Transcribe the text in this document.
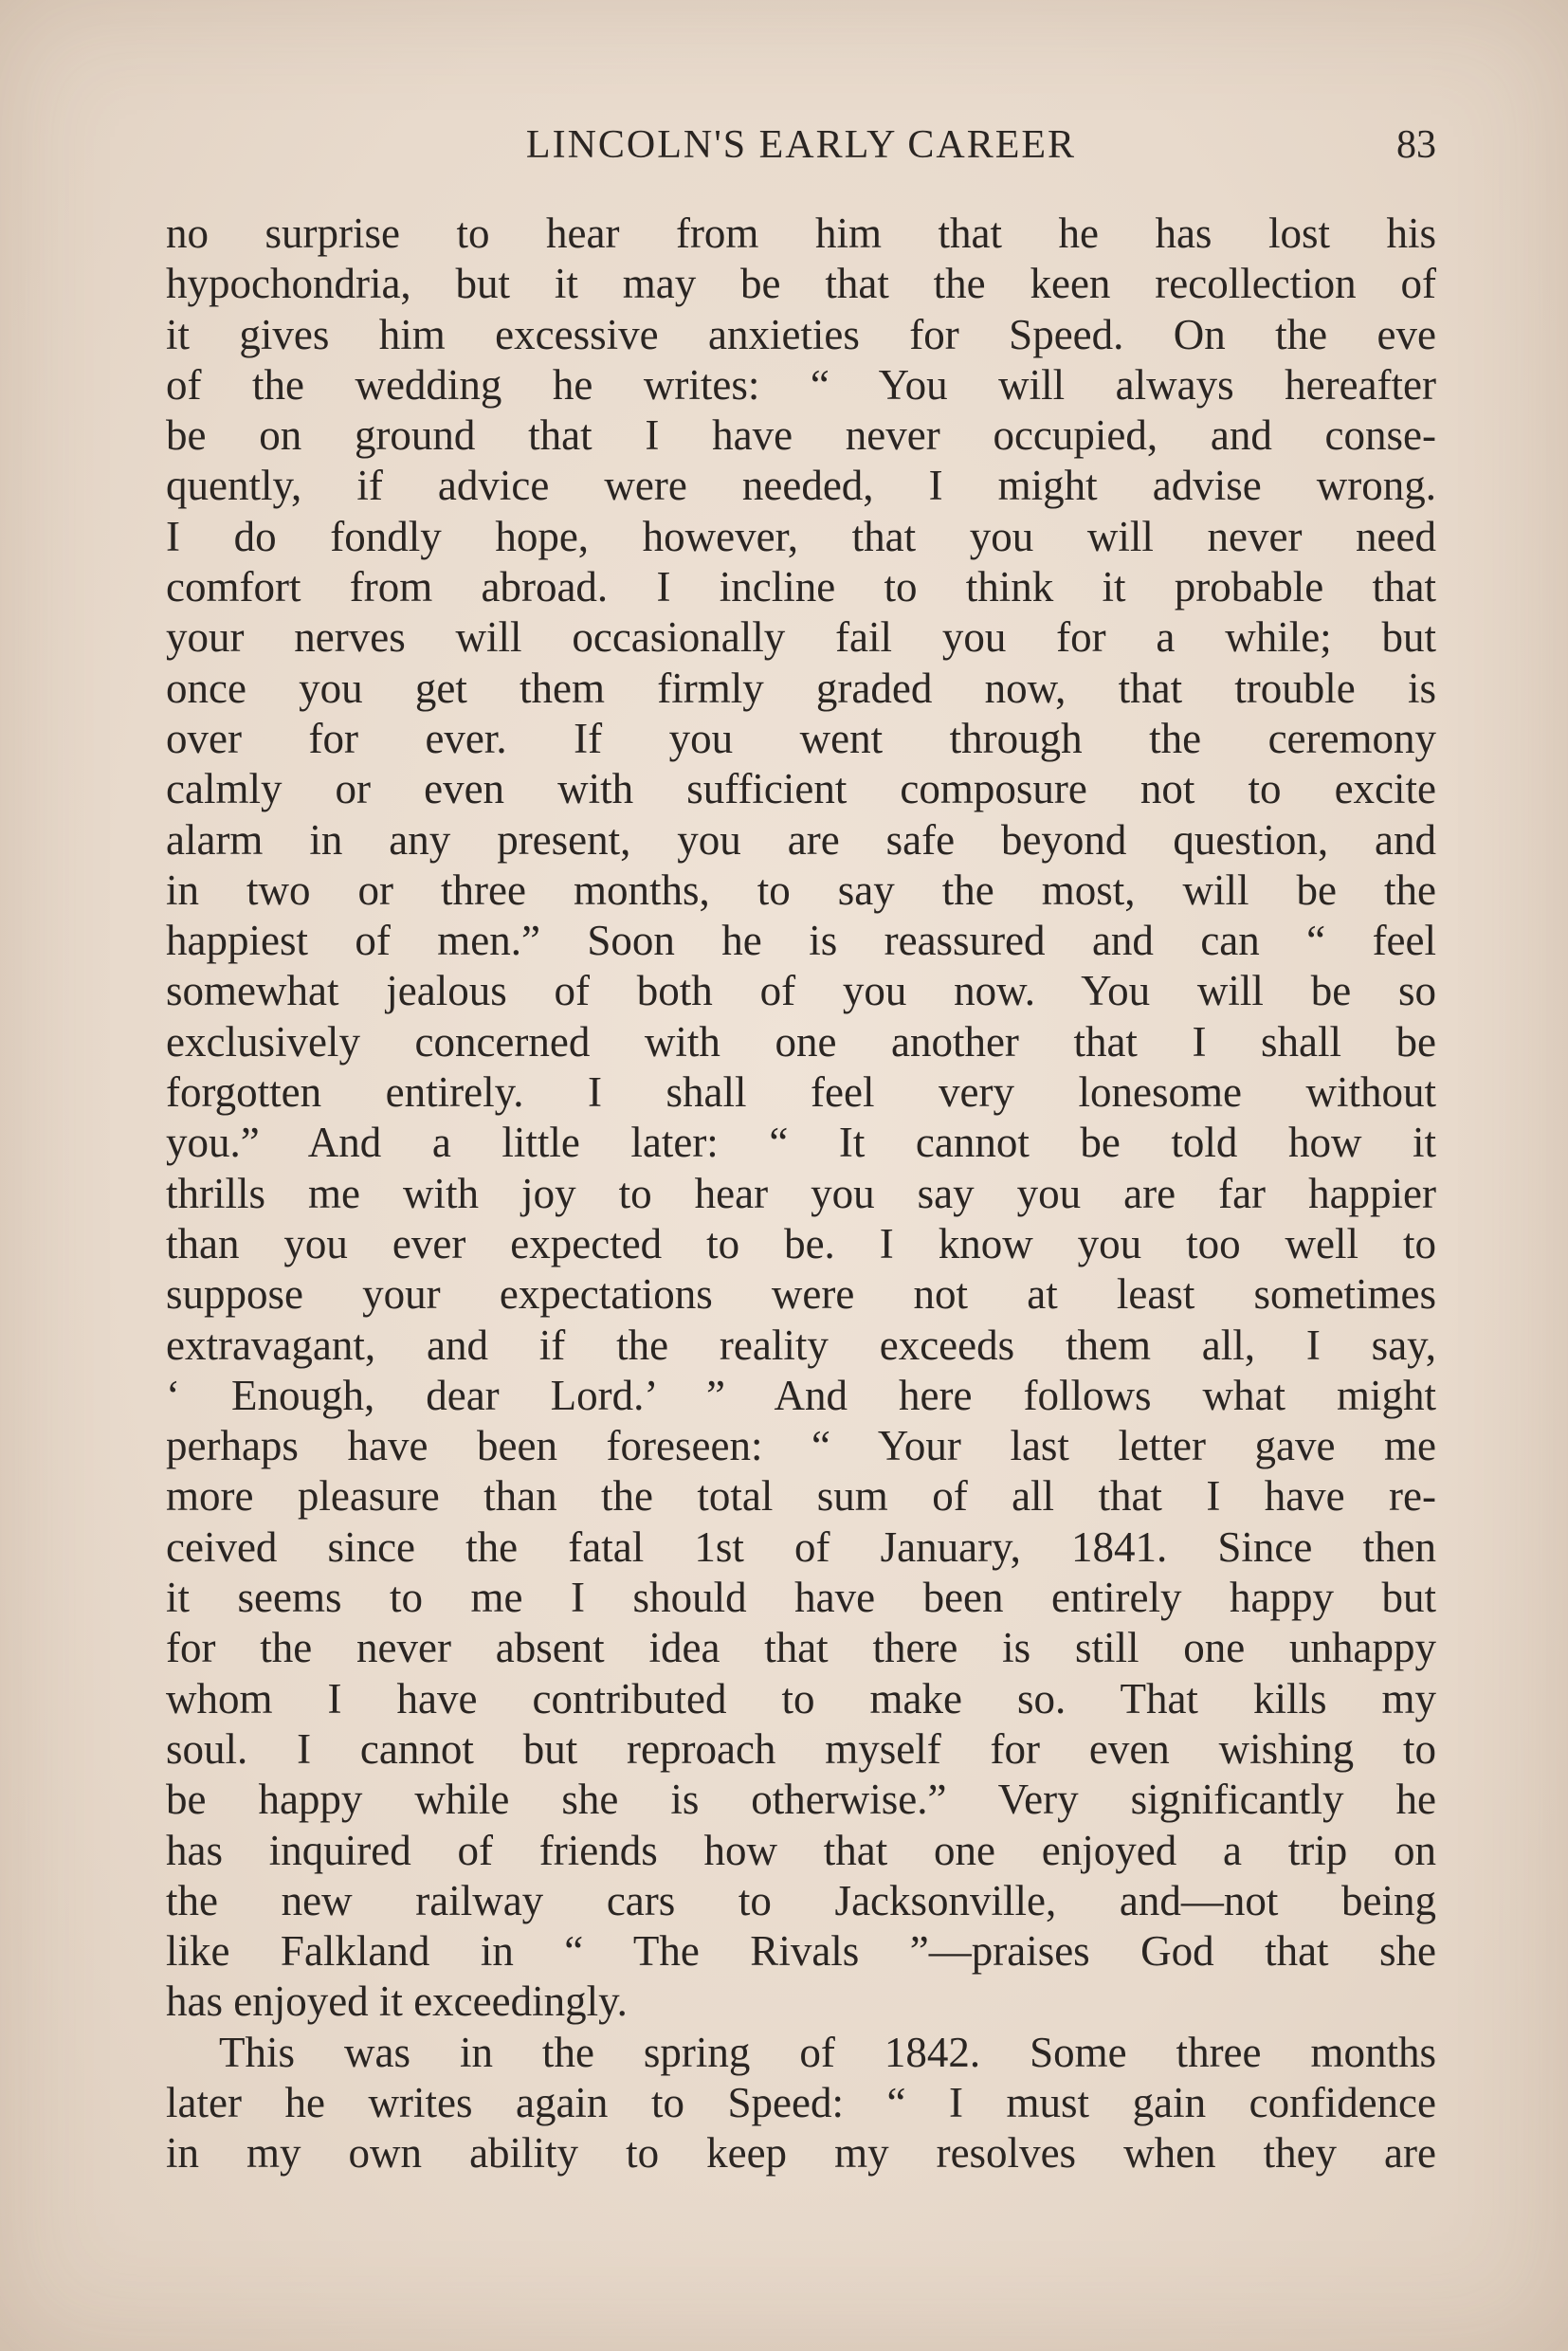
LINCOLN'S EARLY CAREER	83
no surprise to hear from him that he has lost his
hypochondria, but it may be that the keen recollection of
it gives him excessive anxieties for Speed. On the eve
of the wedding he writes: “ You will always hereafter
be on ground that I have never occupied, and conse-
quently, if advice were needed, I might advise wrong.
I do fondly hope, however, that you will never need
comfort from abroad. I incline to think it probable that
your nerves will occasionally fail you for a while; but
once you get them firmly graded now, that trouble is
over for ever. If you went through the ceremony
calmly or even with sufficient composure not to excite
alarm in any present, you are safe beyond question, and
in two or three months, to say the most, will be the
happiest of men.” Soon he is reassured and can “ feel
somewhat jealous of both of you now. You will be so
exclusively concerned with one another that I shall be
forgotten entirely. I shall feel very lonesome without
you.” And a little later: “ It cannot be told how it
thrills me with joy to hear you say you are far happier
than you ever expected to be. I know you too well to
suppose your expectations were not at least sometimes
extravagant, and if the reality exceeds them all, I say,
‘ Enough, dear Lord.’ ” And here follows what might
perhaps have been foreseen: “ Your last letter gave me
more pleasure than the total sum of all that I have re-
ceived since the fatal 1st of January, 1841. Since then
it seems to me I should have been entirely happy but
for the never absent idea that there is still one unhappy
whom I have contributed to make so. That kills my
soul. I cannot but reproach myself for even wishing to
be happy while she is otherwise.” Very significantly he
has inquired of friends how that one enjoyed a trip on
the new railway cars to Jacksonville, and—not being
like Falkland in “ The Rivals ”—praises God that she
has enjoyed it exceedingly.
This was in the spring of 1842. Some three months
later he writes again to Speed: “ I must gain confidence
in my own ability to keep my resolves when they are
